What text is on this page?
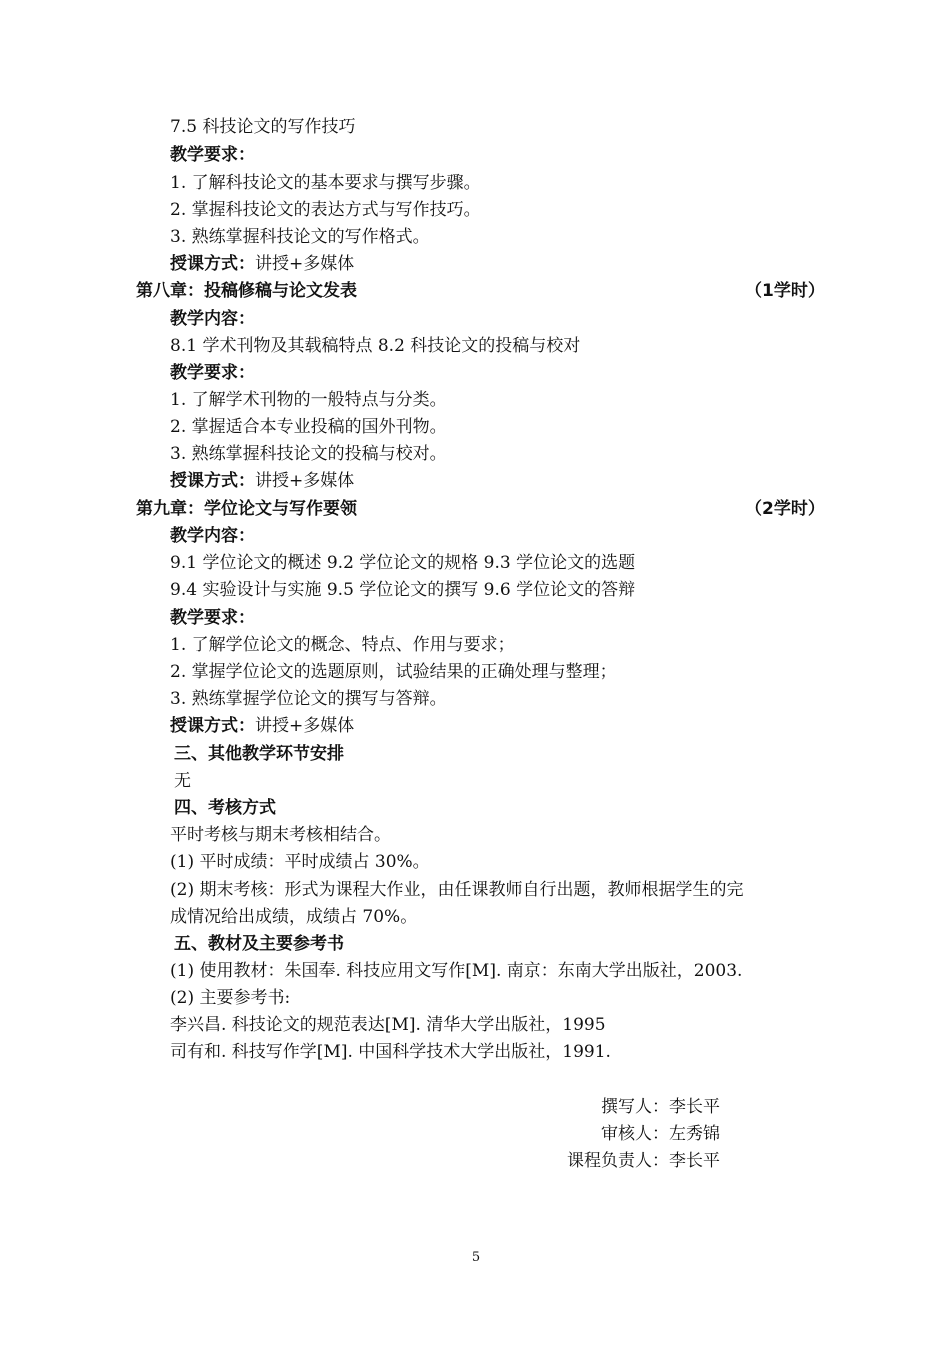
7.5 科技论文的写作技巧
教学要求：
1. 了解科技论文的基本要求与撰写步骤。
2. 掌握科技论文的表达方式与写作技巧。
3. 熟练掌握科技论文的写作格式。
授课方式：讲授+多媒体
第八章：投稿修稿与论文发表	（1学时）
教学内容：
8.1 学术刊物及其载稿特点 8.2 科技论文的投稿与校对
教学要求：
1. 了解学术刊物的一般特点与分类。
2. 掌握适合本专业投稿的国外刊物。
3. 熟练掌握科技论文的投稿与校对。
授课方式：讲授+多媒体
第九章：学位论文与写作要领	（2学时）
教学内容：
9.1 学位论文的概述 9.2 学位论文的规格 9.3 学位论文的选题
9.4 实验设计与实施 9.5 学位论文的撰写 9.6 学位论文的答辩
教学要求：
1. 了解学位论文的概念、特点、作用与要求；
2. 掌握学位论文的选题原则，试验结果的正确处理与整理；
3. 熟练掌握学位论文的撰写与答辩。
授课方式：讲授+多媒体
三、其他教学环节安排
无
四、考核方式
平时考核与期末考核相结合。
(1) 平时成绩：平时成绩占 30%。
(2) 期末考核：形式为课程大作业，由任课教师自行出题，教师根据学生的完
成情况给出成绩，成绩占 70%。
五、教材及主要参考书
(1) 使用教材：朱国奉. 科技应用文写作[M]. 南京：东南大学出版社，2003.
(2) 主要参考书:
李兴昌. 科技论文的规范表达[M]. 清华大学出版社，1995
司有和. 科技写作学[M]. 中国科学技术大学出版社，1991.
撰写人：李长平
审核人：左秀锦
课程负责人：李长平
5
